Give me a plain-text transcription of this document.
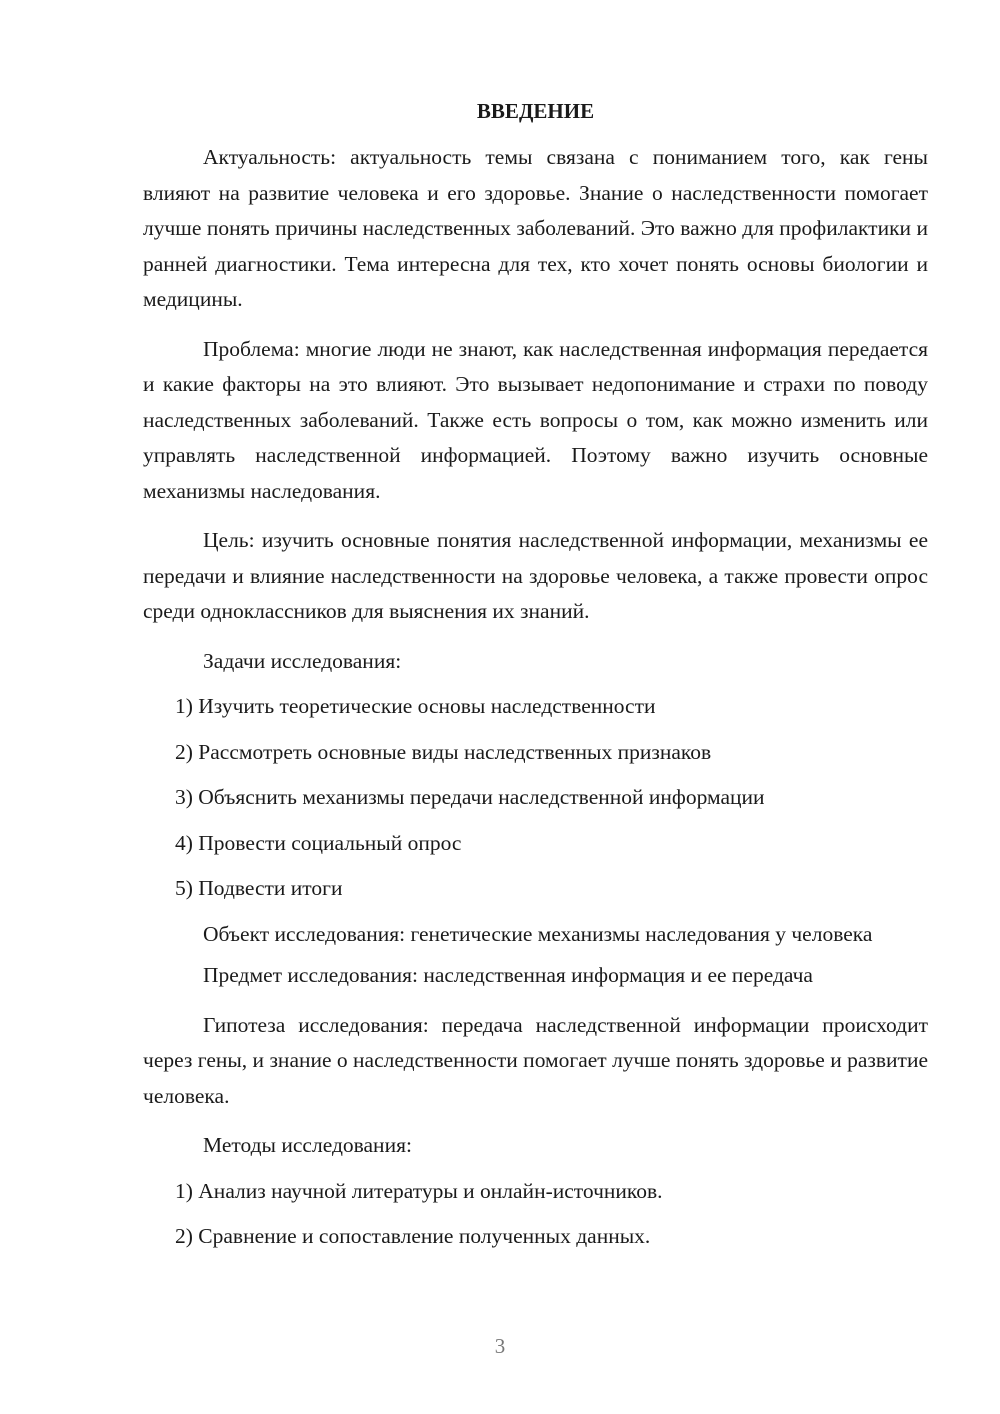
ВВЕДЕНИЕ
Актуальность: актуальность темы связана с пониманием того, как гены влияют на развитие человека и его здоровье. Знание о наследственности помогает лучше понять причины наследственных заболеваний. Это важно для профилактики и ранней диагностики. Тема интересна для тех, кто хочет понять основы биологии и медицины.
Проблема: многие люди не знают, как наследственная информация передается и какие факторы на это влияют. Это вызывает недопонимание и страхи по поводу наследственных заболеваний. Также есть вопросы о том, как можно изменить или управлять наследственной информацией. Поэтому важно изучить основные механизмы наследования.
Цель: изучить основные понятия наследственной информации, механизмы ее передачи и влияние наследственности на здоровье человека, а также провести опрос среди одноклассников для выяснения их знаний.
Задачи исследования:
1) Изучить теоретические основы наследственности
2) Рассмотреть основные виды наследственных признаков
3) Объяснить механизмы передачи наследственной информации
4) Провести социальный опрос
5) Подвести итоги
Объект исследования: генетические механизмы наследования у человека
Предмет исследования: наследственная информация и ее передача
Гипотеза исследования: передача наследственной информации происходит через гены, и знание о наследственности помогает лучше понять здоровье и развитие человека.
Методы исследования:
1) Анализ научной литературы и онлайн-источников.
2) Сравнение и сопоставление полученных данных.
3
